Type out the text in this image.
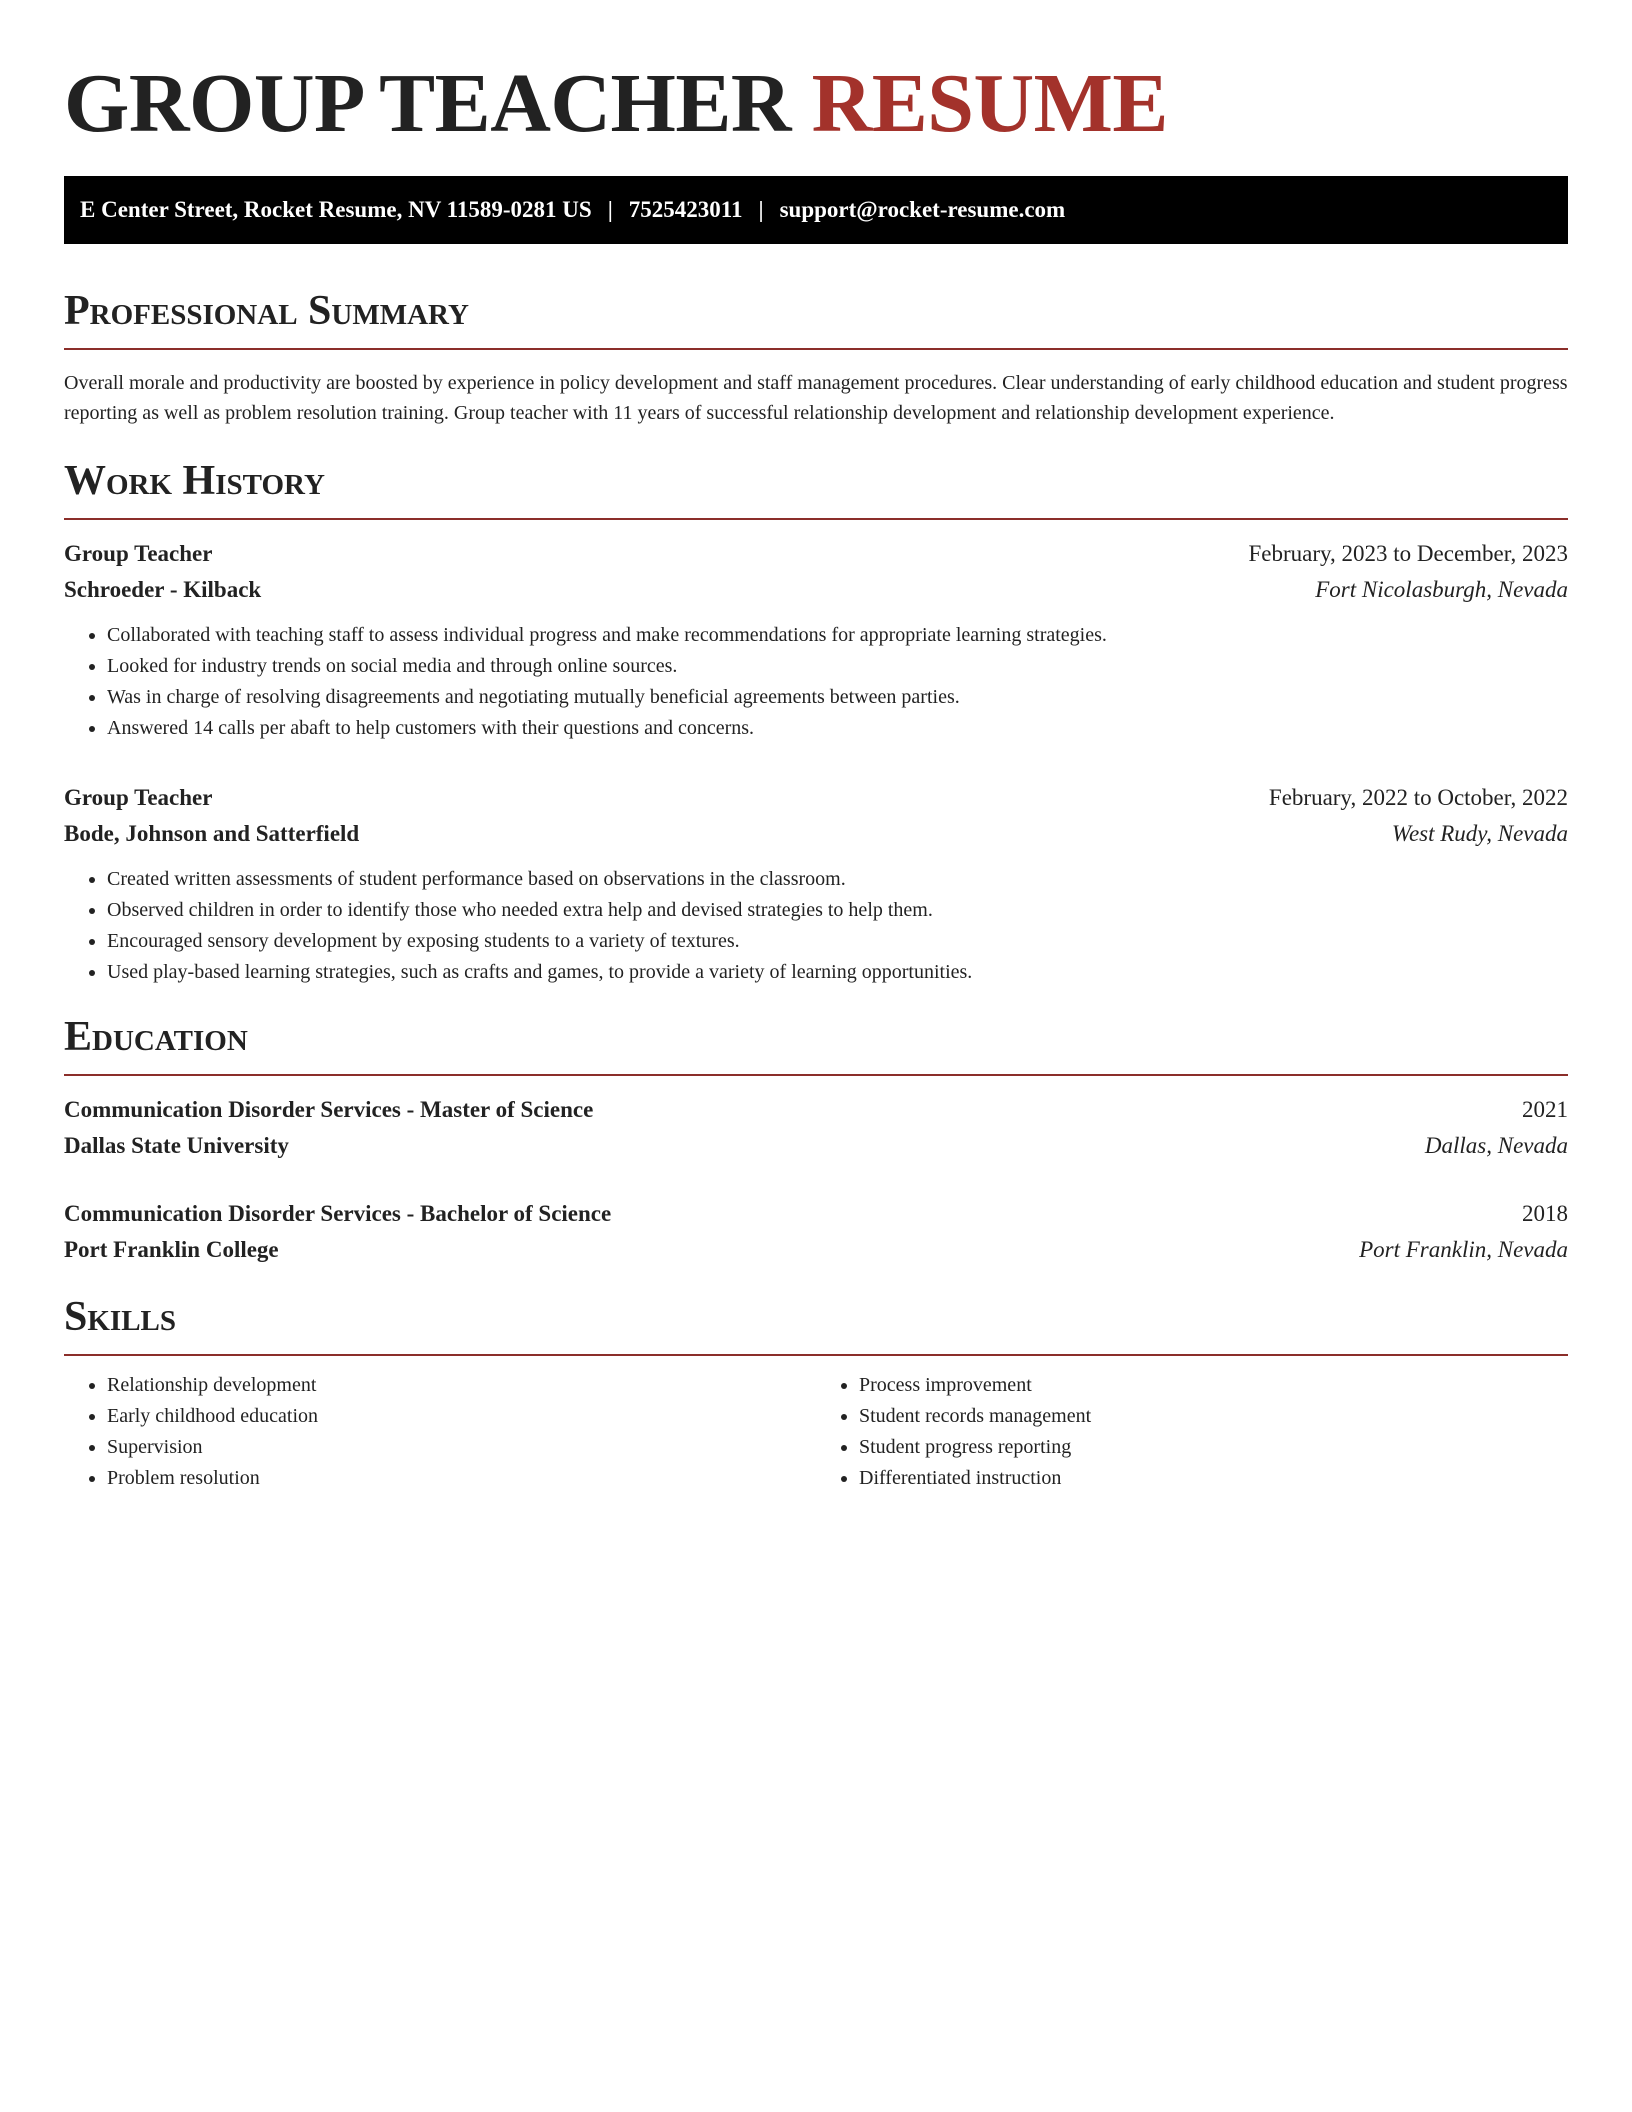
GROUP TEACHER RESUME
E Center Street, Rocket Resume, NV 11589-0281 US | 7525423011 | support@rocket-resume.com
Professional Summary

Overall morale and productivity are boosted by experience in policy development and staff management procedures. Clear understanding of early childhood education and student progress reporting as well as problem resolution training. Group teacher with 11 years of successful relationship development and relationship development experience.

Work History
Group Teacher	February, 2023 to December, 2023
Schroeder - Kilback	Fort Nicolasburgh, Nevada
• Collaborated with teaching staff to assess individual progress and make recommendations for appropriate learning strategies.
• Looked for industry trends on social media and through online sources.
• Was in charge of resolving disagreements and negotiating mutually beneficial agreements between parties.
• Answered 14 calls per abaft to help customers with their questions and concerns.
Group Teacher	February, 2022 to October, 2022
Bode, Johnson and Satterfield	West Rudy, Nevada
• Created written assessments of student performance based on observations in the classroom.
• Observed children in order to identify those who needed extra help and devised strategies to help them.
• Encouraged sensory development by exposing students to a variety of textures.
• Used play-based learning strategies, such as crafts and games, to provide a variety of learning opportunities.
Education
Communication Disorder Services - Master of Science	2021
Dallas State University	Dallas, Nevada
Communication Disorder Services - Bachelor of Science	2018
Port Franklin College	Port Franklin, Nevada
Skills
• Relationship development
• Early childhood education
• Supervision
• Problem resolution
• Process improvement
• Student records management
• Student progress reporting
• Differentiated instruction
